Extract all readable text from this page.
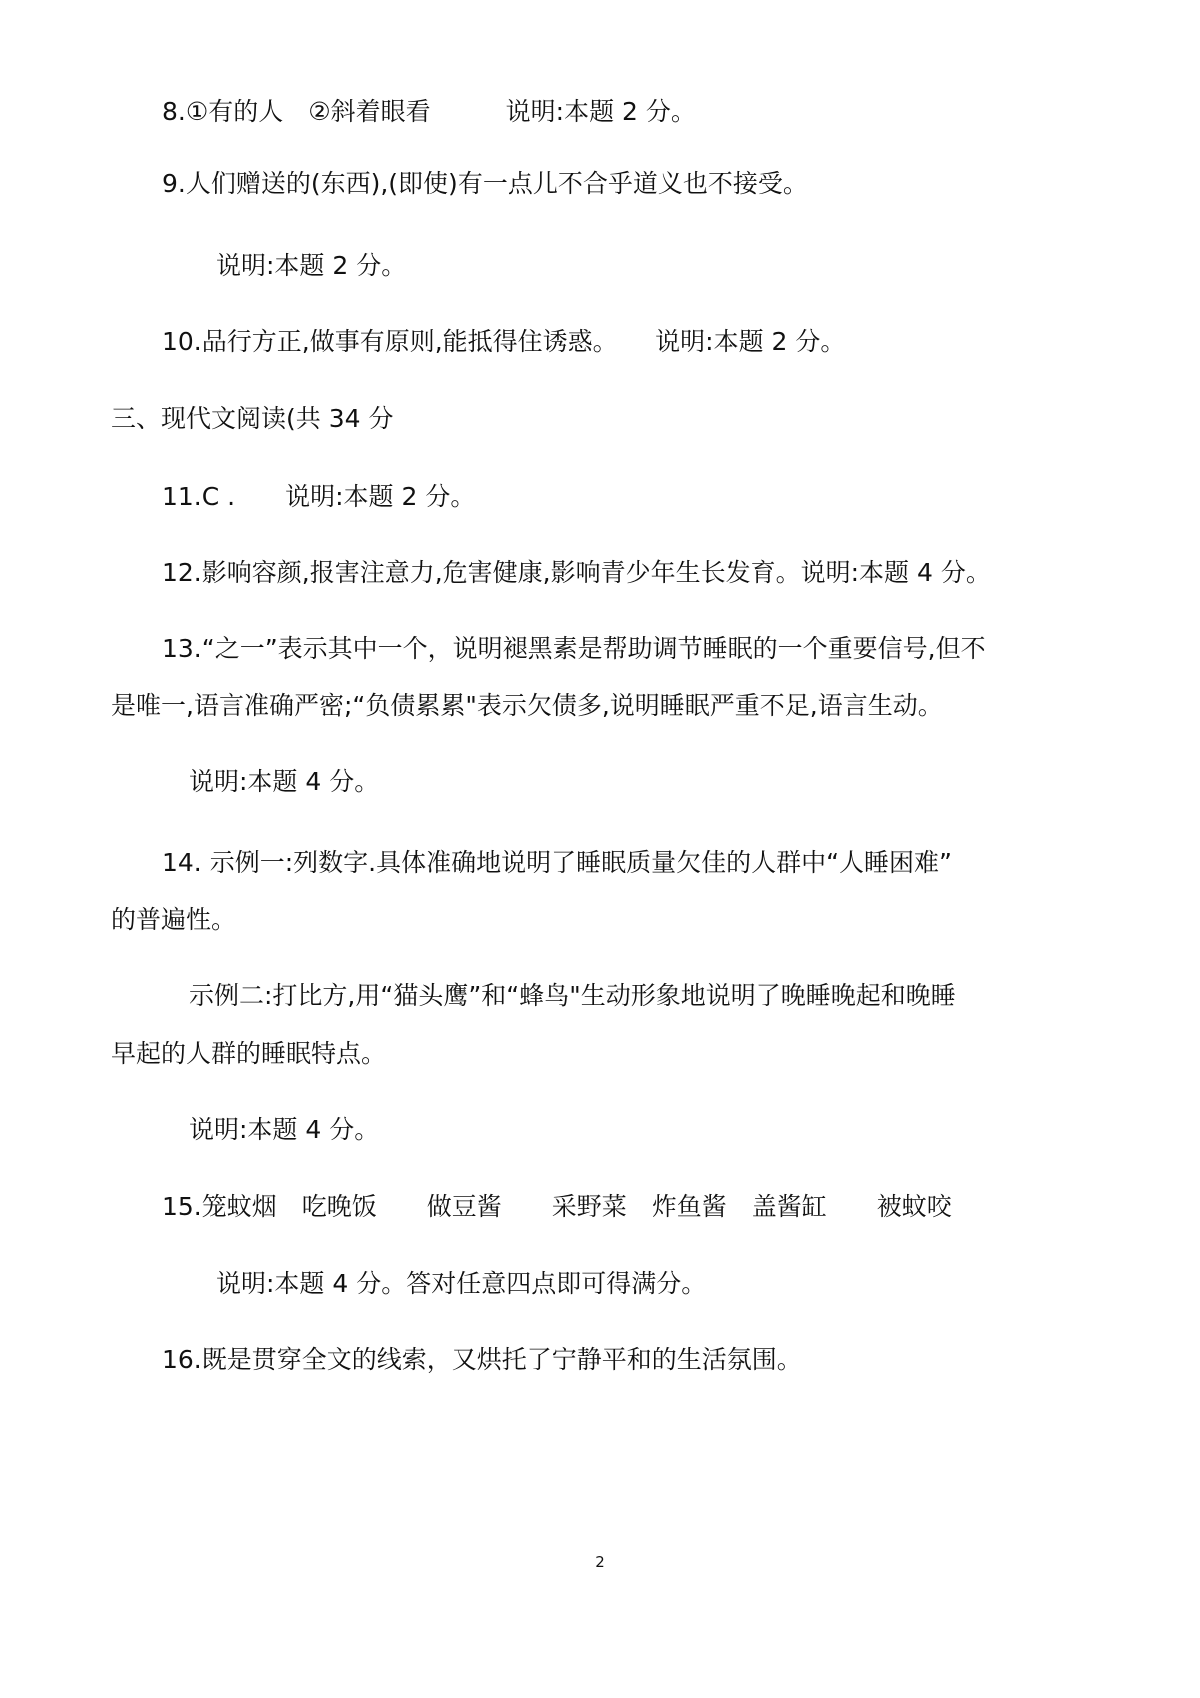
8.①有的人　②斜着眼看　　　说明:本题 2 分。
9.人们赠送的(东西),(即使)有一点儿不合乎道义也不接受。
说明:本题 2 分。
10.品行方正,做事有原则,能抵得住诱惑。　　说明:本题 2 分。
三、现代文阅读(共 34 分
11.C .　　说明:本题 2 分。
12.影响容颜,报害注意力,危害健康,影响青少年生长发育。说明:本题 4 分。
13.“之一”表示其中一个，说明褪黑素是帮助调节睡眠的一个重要信号,但不
是唯一,语言准确严密;“负债累累"表示欠债多,说明睡眠严重不足,语言生动。
说明:本题 4 分。
14. 示例一:列数字.具体准确地说明了睡眠质量欠佳的人群中“人睡困难”
的普遍性。
示例二:打比方,用“猫头鹰”和“蜂鸟"生动形象地说明了晚睡晚起和晚睡
早起的人群的睡眠特点。
说明:本题 4 分。
15.笼蚊烟　吃晚饭　　做豆酱　　采野菜　炸鱼酱　盖酱缸　　被蚊咬
说明:本题 4 分。答对任意四点即可得满分。
16.既是贯穿全文的线索，又烘托了宁静平和的生活氛围。
2
